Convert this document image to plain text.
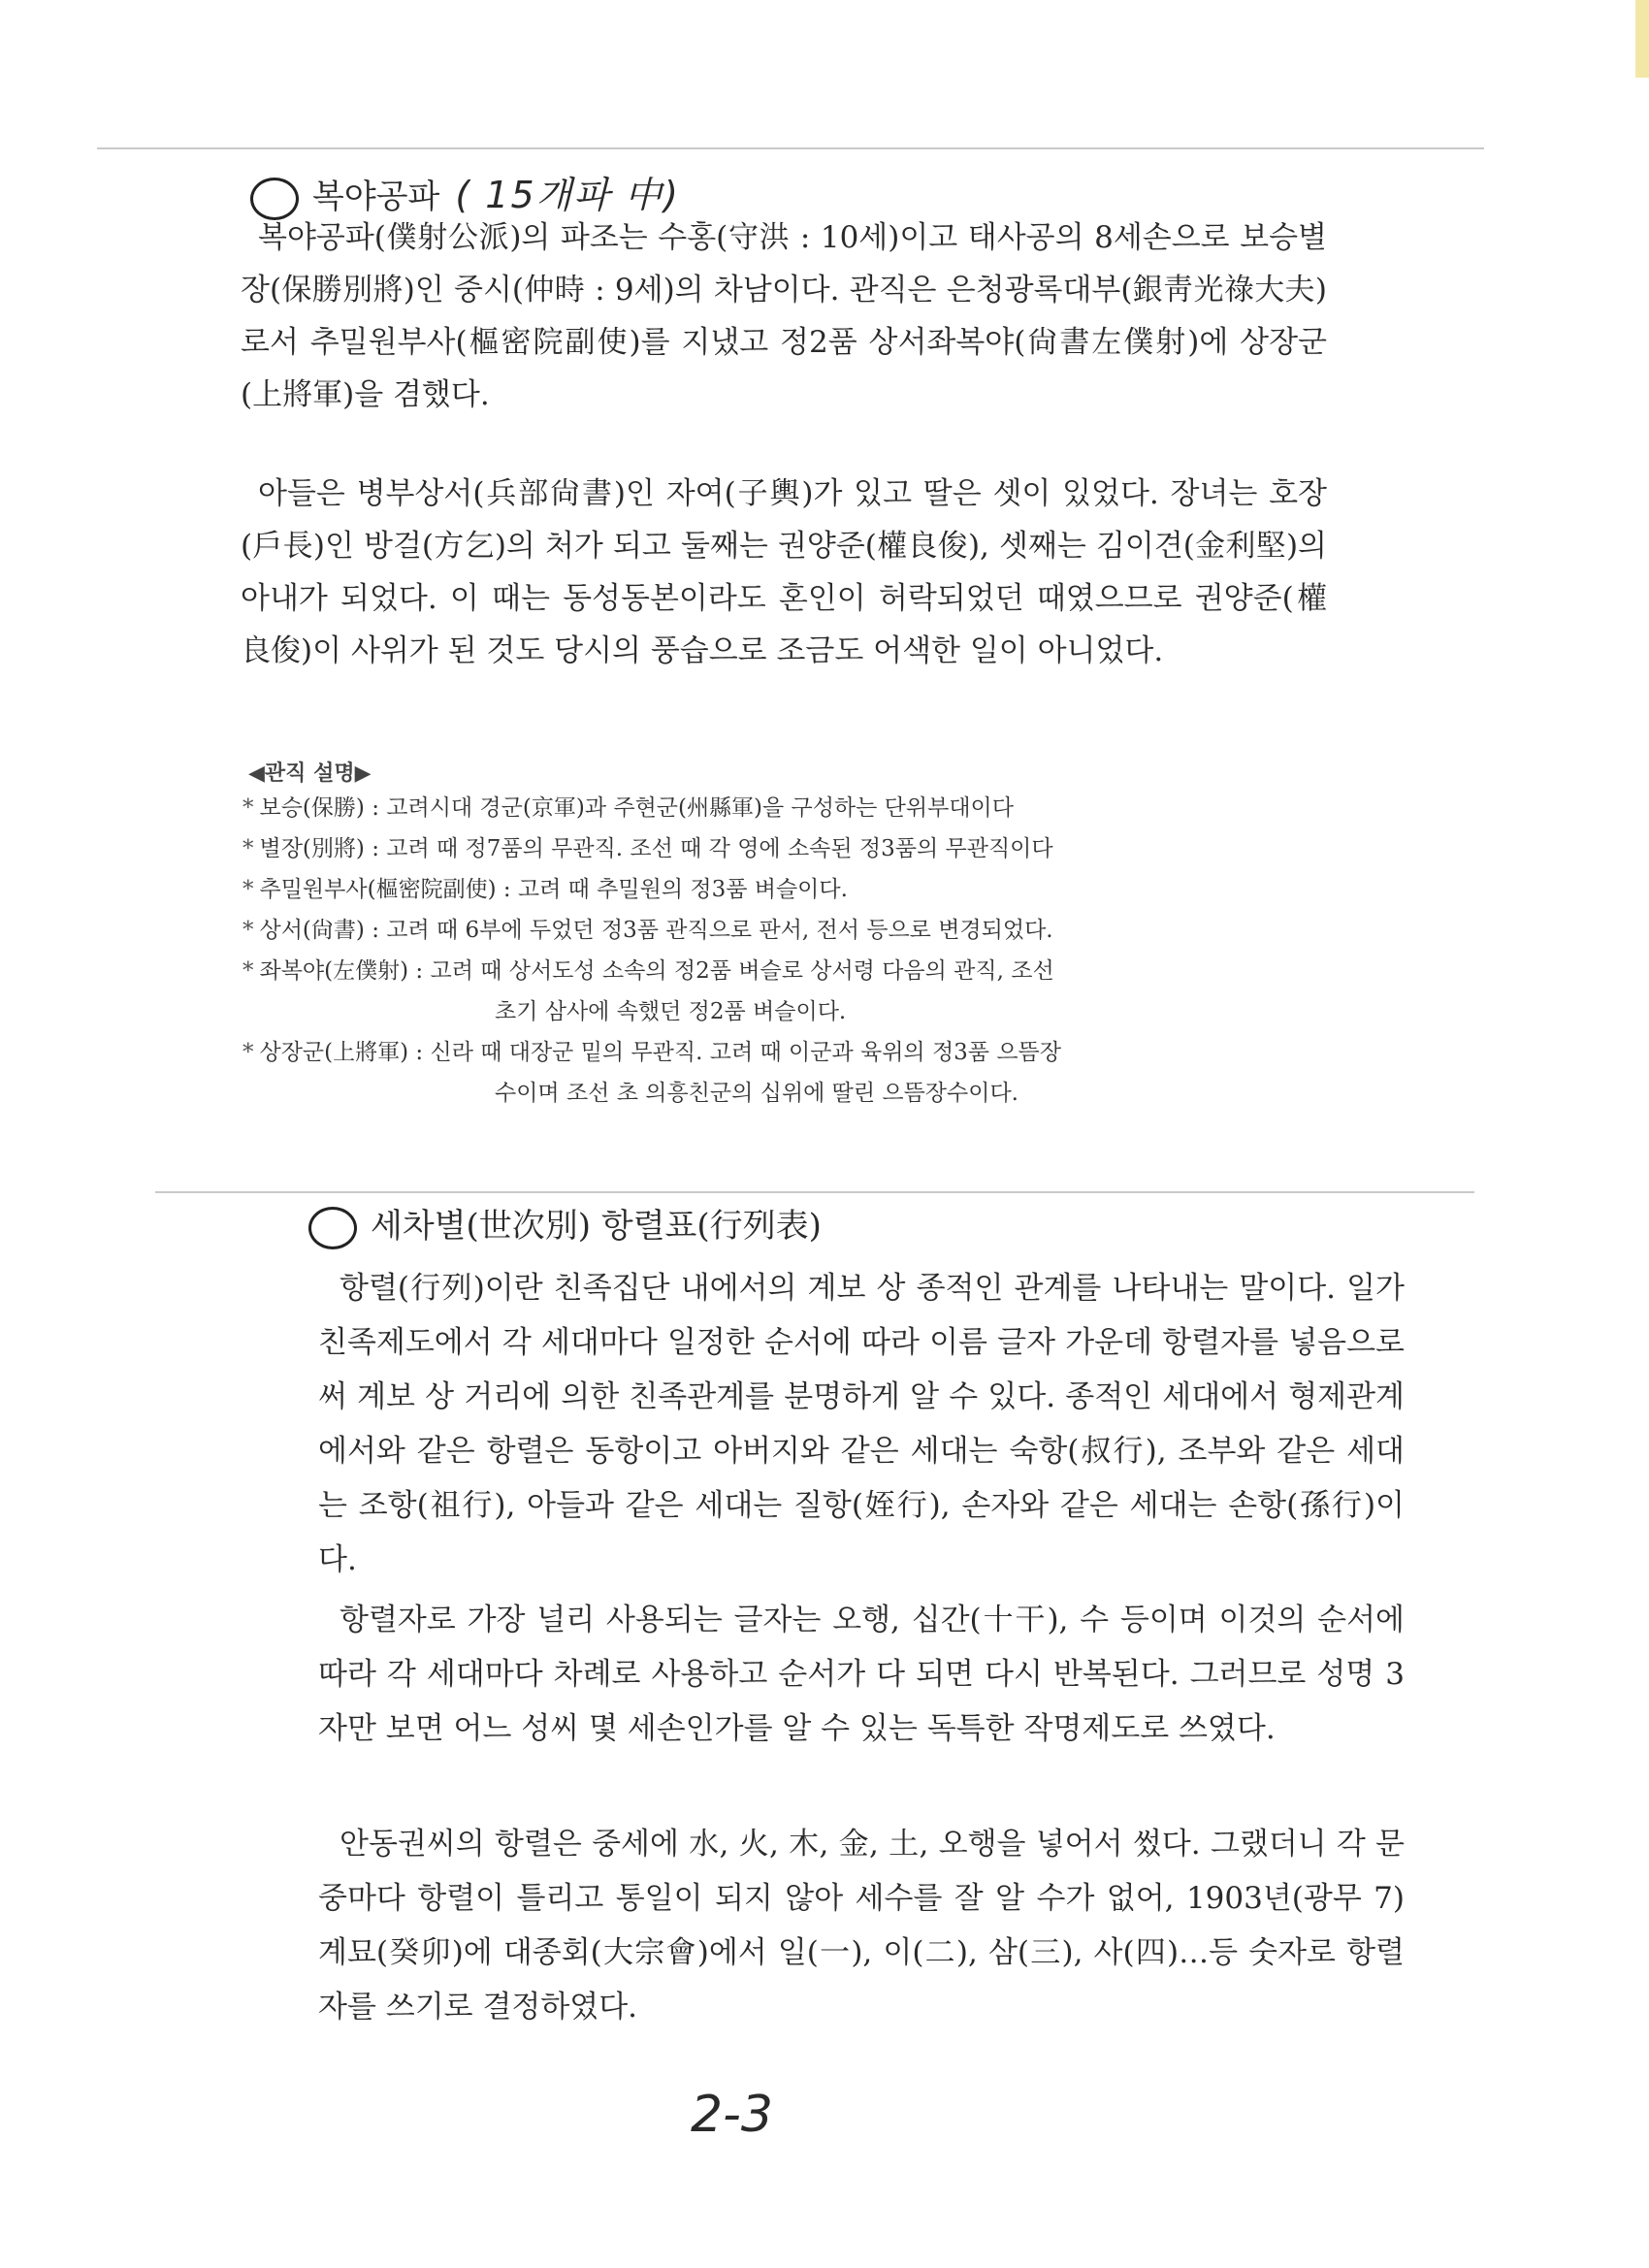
복야공파 ( 15개파 中)

복야공파(僕射公派)의 파조는 수홍(守洪 : 10세)이고 태사공의 8세손으로 보승별장(保勝別將)인 중시(仲時 : 9세)의 차남이다. 관직은 은청광록대부(銀靑光祿大夫)로서 추밀원부사(樞密院副使)를 지냈고 정2품 상서좌복야(尙書左僕射)에 상장군(上將軍)을 겸했다.

아들은 병부상서(兵部尙書)인 자여(子輿)가 있고 딸은 셋이 있었다. 장녀는 호장(戶長)인 방걸(方乞)의 처가 되고 둘째는 권양준(權良俊), 셋째는 김이견(金利堅)의 아내가 되었다. 이 때는 동성동본이라도 혼인이 허락되었던 때였으므로 권양준(權良俊)이 사위가 된 것도 당시의 풍습으로 조금도 어색한 일이 아니었다.

◀관직 설명▶
* 보승(保勝) : 고려시대 경군(京軍)과 주현군(州縣軍)을 구성하는 단위부대이다
* 별장(別將) : 고려 때 정7품의 무관직. 조선 때 각 영에 소속된 정3품의 무관직이다
* 추밀원부사(樞密院副使) : 고려 때 추밀원의 정3품 벼슬이다.
* 상서(尙書) : 고려 때 6부에 두었던 정3품 관직으로 판서, 전서 등으로 변경되었다.
* 좌복야(左僕射) : 고려 때 상서도성 소속의 정2품 벼슬로 상서령 다음의 관직, 조선
초기 삼사에 속했던 정2품 벼슬이다.
* 상장군(上將軍) : 신라 때 대장군 밑의 무관직. 고려 때 이군과 육위의 정3품 으뜸장
수이며 조선 초 의흥친군의 십위에 딸린 으뜸장수이다.
세차별(世次別) 항렬표(行列表)

항렬(行列)이란 친족집단 내에서의 계보 상 종적인 관계를 나타내는 말이다. 일가 친족제도에서 각 세대마다 일정한 순서에 따라 이름 글자 가운데 항렬자를 넣음으로써 계보 상 거리에 의한 친족관계를 분명하게 알 수 있다. 종적인 세대에서 형제관계에서와 같은 항렬은 동항이고 아버지와 같은 세대는 숙항(叔行), 조부와 같은 세대는 조항(祖行), 아들과 같은 세대는 질항(姪行), 손자와 같은 세대는 손항(孫行)이다.

항렬자로 가장 널리 사용되는 글자는 오행, 십간(十干), 수 등이며 이것의 순서에 따라 각 세대마다 차례로 사용하고 순서가 다 되면 다시 반복된다. 그러므로 성명 3자만 보면 어느 성씨 몇 세손인가를 알 수 있는 독특한 작명제도로 쓰였다.

안동권씨의 항렬은 중세에 水, 火, 木, 金, 土, 오행을 넣어서 썼다. 그랬더니 각 문중마다 항렬이 틀리고 통일이 되지 않아 세수를 잘 알 수가 없어, 1903년(광무 7) 계묘(癸卯)에 대종회(大宗會)에서 일(一), 이(二), 삼(三), 사(四)…등 숫자로 항렬자를 쓰기로 결정하였다.

2-3
